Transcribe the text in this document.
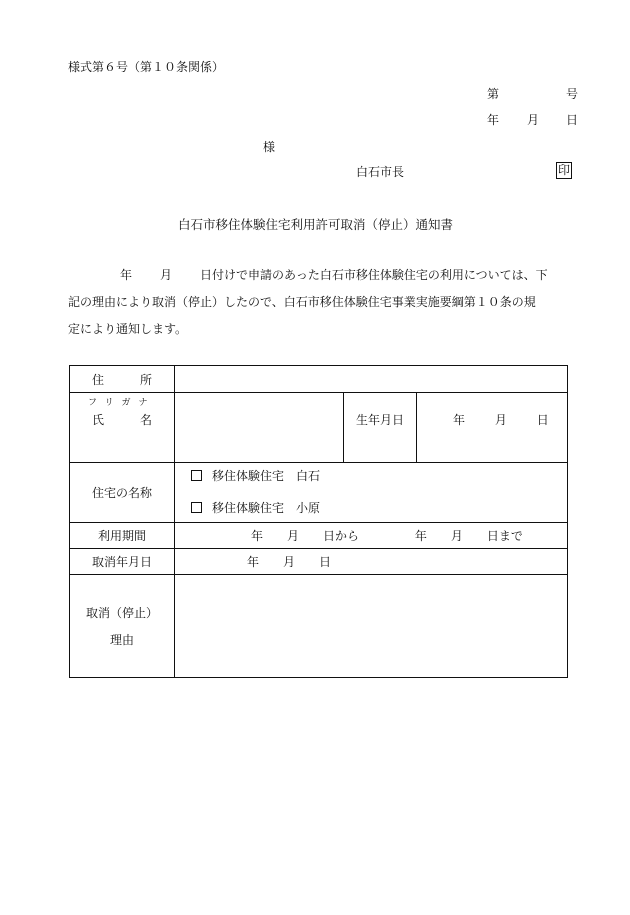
様式第６号（第１０条関係）
第	号
年 月 日
様
白石市長	印
白石市移住体験住宅利用許可取消（停止）通知書
年 月 日付けで申請のあった白石市移住体験住宅の利用については、下
記の理由により取消（停止）したので、白石市移住体験住宅事業実施要綱第１０条の規
定により通知します。
住　　　所			

フリガナ
氏　　　名		生年月日	年 月 日
住宅の名称	移住体験住宅　白石
移住体験住宅　小原		

利用期間	年　　月　　日から 年　　月　　日まで		
取消年月日	年　　月　　日		

取消（停止）
理由			
